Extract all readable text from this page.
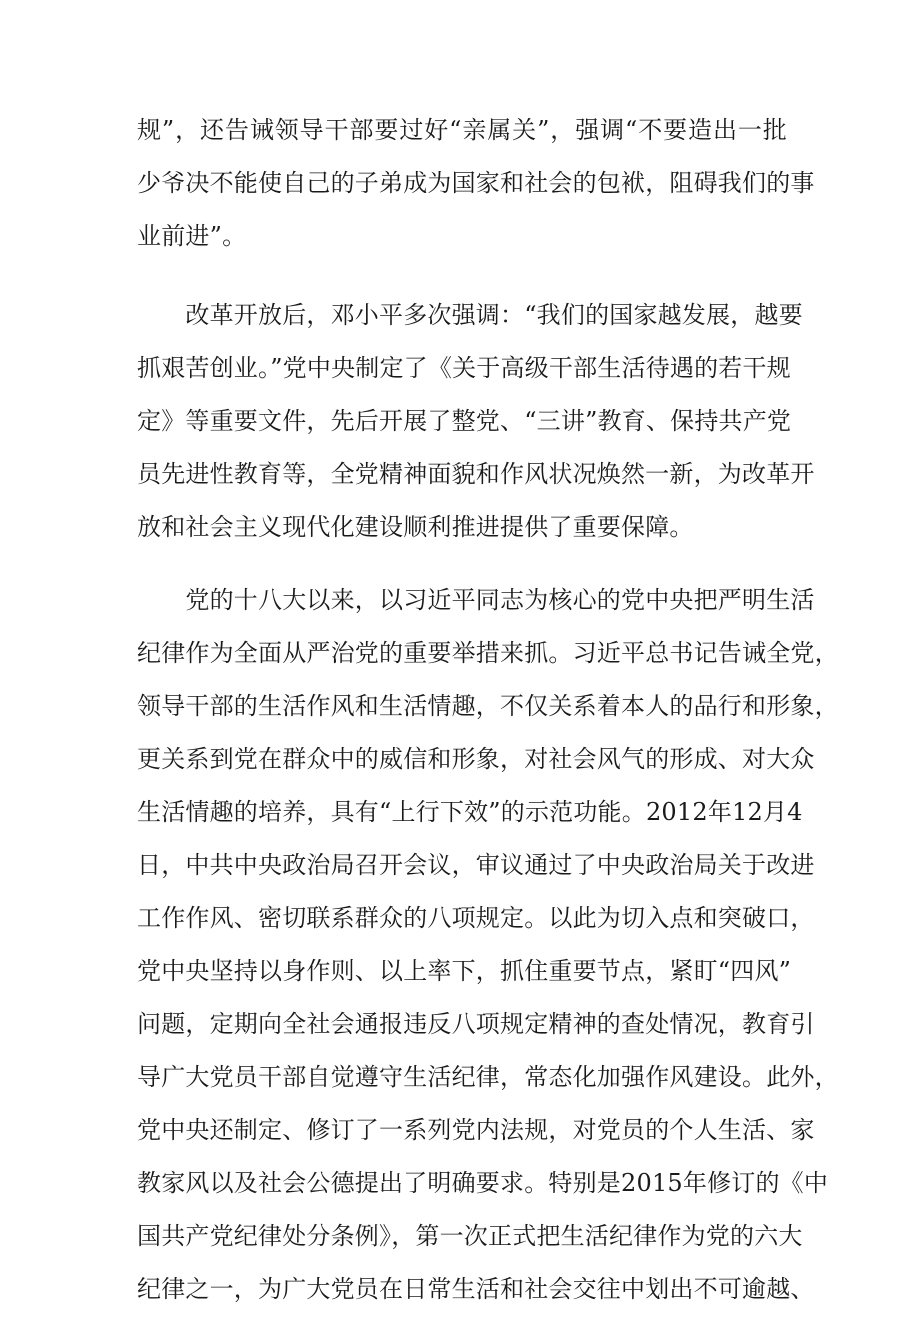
规”，还告诫领导干部要过好“亲属关”，强调“不要造出一批
少爷决不能使自己的子弟成为国家和社会的包袱，阻碍我们的事
业前进”。

　　改革开放后，邓小平多次强调：“我们的国家越发展，越要
抓艰苦创业。”党中央制定了《关于高级干部生活待遇的若干规
定》等重要文件，先后开展了整党、“三讲”教育、保持共产党
员先进性教育等，全党精神面貌和作风状况焕然一新，为改革开
放和社会主义现代化建设顺利推进提供了重要保障。

　　党的十八大以来，以习近平同志为核心的党中央把严明生活
纪律作为全面从严治党的重要举措来抓。习近平总书记告诫全党，
领导干部的生活作风和生活情趣，不仅关系着本人的品行和形象，
更关系到党在群众中的威信和形象，对社会风气的形成、对大众
生活情趣的培养，具有“上行下效”的示范功能。2012年12月4
日，中共中央政治局召开会议，审议通过了中央政治局关于改进
工作作风、密切联系群众的八项规定。以此为切入点和突破口，
党中央坚持以身作则、以上率下，抓住重要节点，紧盯“四风”
问题，定期向全社会通报违反八项规定精神的查处情况，教育引
导广大党员干部自觉遵守生活纪律，常态化加强作风建设。此外，
党中央还制定、修订了一系列党内法规，对党员的个人生活、家
教家风以及社会公德提出了明确要求。特别是2015年修订的《中
国共产党纪律处分条例》，第一次正式把生活纪律作为党的六大
纪律之一，为广大党员在日常生活和社会交往中划出不可逾越、
